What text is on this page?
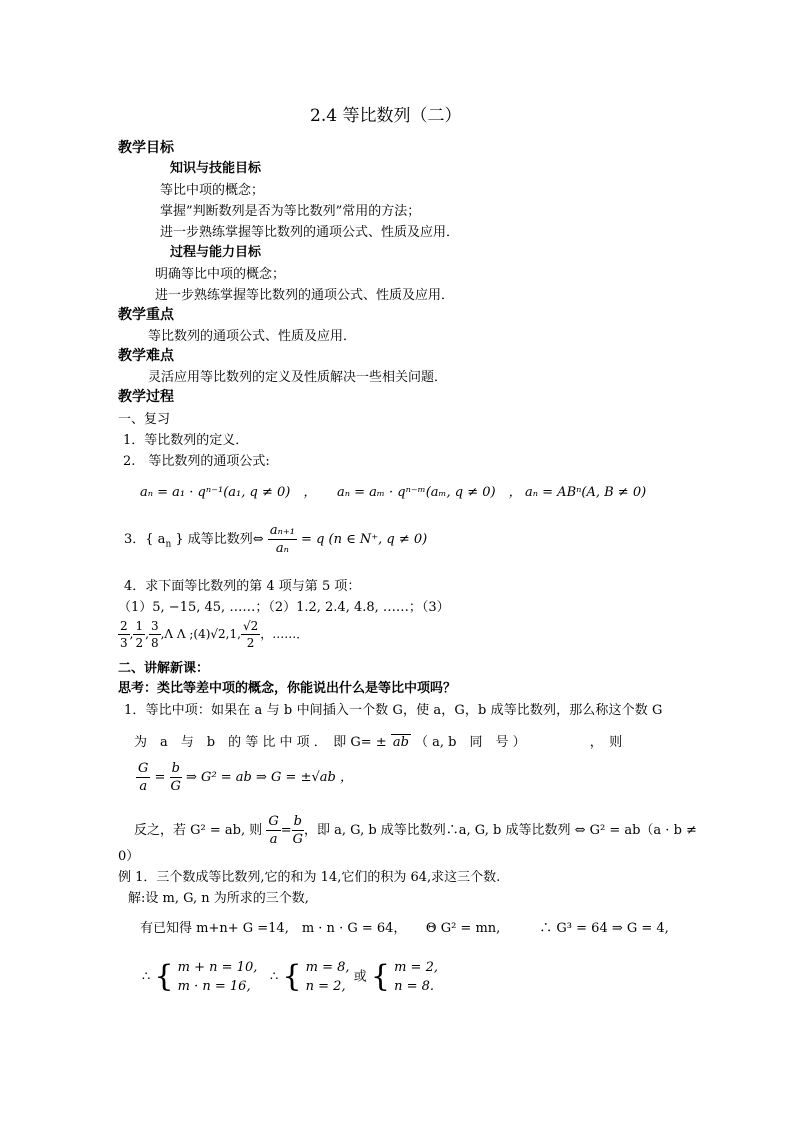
2.4 等比数列（二）
教学目标
知识与技能目标
等比中项的概念；
掌握”判断数列是否为等比数列”常用的方法；
进一步熟练掌握等比数列的通项公式、性质及应用．
过程与能力目标
明确等比中项的概念；
进一步熟练掌握等比数列的通项公式、性质及应用．
教学重点
等比数列的通项公式、性质及应用．
教学难点
灵活应用等比数列的定义及性质解决一些相关问题．
教学过程
一、复习
1．等比数列的定义．
2.　等比数列的通项公式:
aₙ = a₁ · qⁿ⁻¹(a₁, q ≠ 0)　， aₙ = aₘ · qⁿ⁻ᵐ(aₘ, q ≠ 0)　， aₙ = ABⁿ(A, B ≠ 0)
3．{ $a_n$ } 成等比数列⇔ $\frac{\text{aₙ₊₁}}{\text{aₙ}} = q$ (n ∈ N⁺, q ≠ 0)
4．求下面等比数列的第 4 项与第 5 项：
（1）5, −15, 45, ……；（2）1.2, 2.4, 4.8, ……；（3）
$\frac{2}{3}$ , $\frac{1}{2}$ , $\frac{3}{8} ,\Lambda$ Λ ;(4)√2,1, $\frac{√2}{2}$ ，……．
二、讲解新课：
思考：类比等差中项的概念，你能说出什么是等比中项吗？
1．等比中项：如果在 a 与 b 中间插入一个数 G，使 a，G，b 成等比数列，那么称这个数 G
为　a　与　b　的 等 比 中 项 ．　即 G= ± ab （ a, b　同　号 ）	，　则
$\frac{G}{a} = \frac{b}{G}$ ⇒ G² = ab ⇒ G = ±√ab ，
反之，若 G² = ab, 则 $\frac{G}{a} = \frac{b}{G}$ ，即 a, G, b 成等比数列∴a, G, b 成等比数列 ⇔ G² = ab（a · b ≠
0）
例 1．三个数成等比数列,它的和为 14,它们的积为 64,求这三个数.
解:设 m, G, n 为所求的三个数,
有已知得 m+n+ G =14,　m · n · G = 64，　　Θ G² = mn,　　　∴ G³ = 64 ⇒ G = 4,
∴ { m + n = 10,
m · n = 16,
∴ { m = 8,
n = 2, 或 { m = 2,
n = 8.
